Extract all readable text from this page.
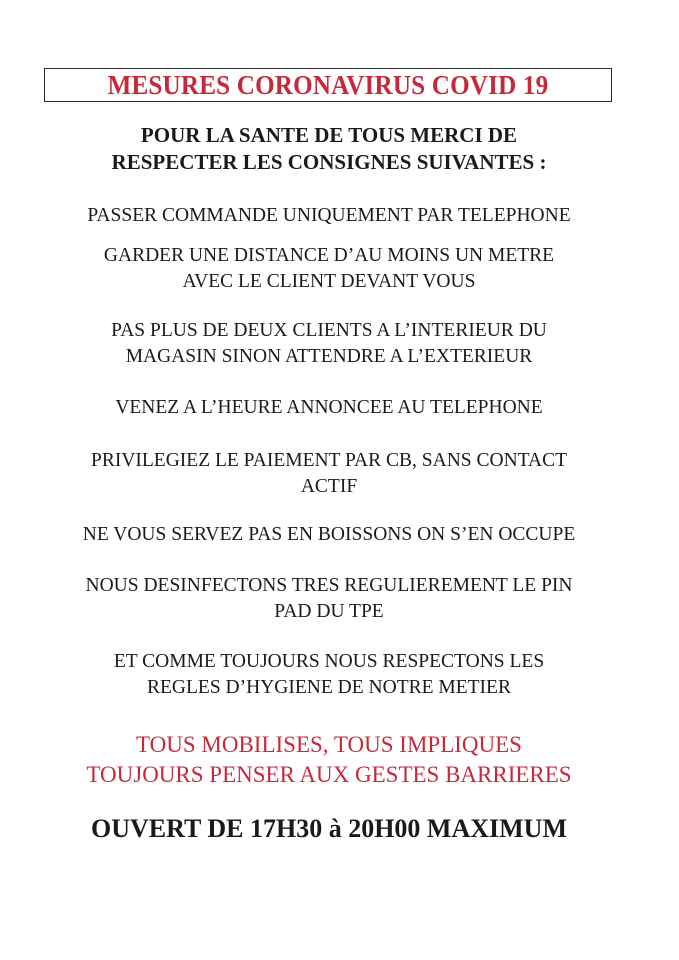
MESURES CORONAVIRUS COVID 19
POUR LA SANTE DE TOUS MERCI DE
RESPECTER LES CONSIGNES SUIVANTES :
PASSER COMMANDE UNIQUEMENT PAR TELEPHONE
GARDER UNE DISTANCE D’AU MOINS UN METRE
AVEC LE CLIENT DEVANT VOUS
PAS PLUS DE DEUX CLIENTS A L’INTERIEUR DU
MAGASIN SINON ATTENDRE A L’EXTERIEUR
VENEZ A L’HEURE ANNONCEE AU TELEPHONE
PRIVILEGIEZ LE PAIEMENT PAR CB, SANS CONTACT
ACTIF
NE VOUS SERVEZ PAS EN BOISSONS ON S’EN OCCUPE
NOUS DESINFECTONS TRES REGULIEREMENT LE PIN
PAD DU TPE
ET COMME TOUJOURS NOUS RESPECTONS LES
REGLES D’HYGIENE DE NOTRE METIER
TOUS MOBILISES, TOUS IMPLIQUES
TOUJOURS PENSER AUX GESTES BARRIERES
OUVERT DE 17H30 à 20H00 MAXIMUM
